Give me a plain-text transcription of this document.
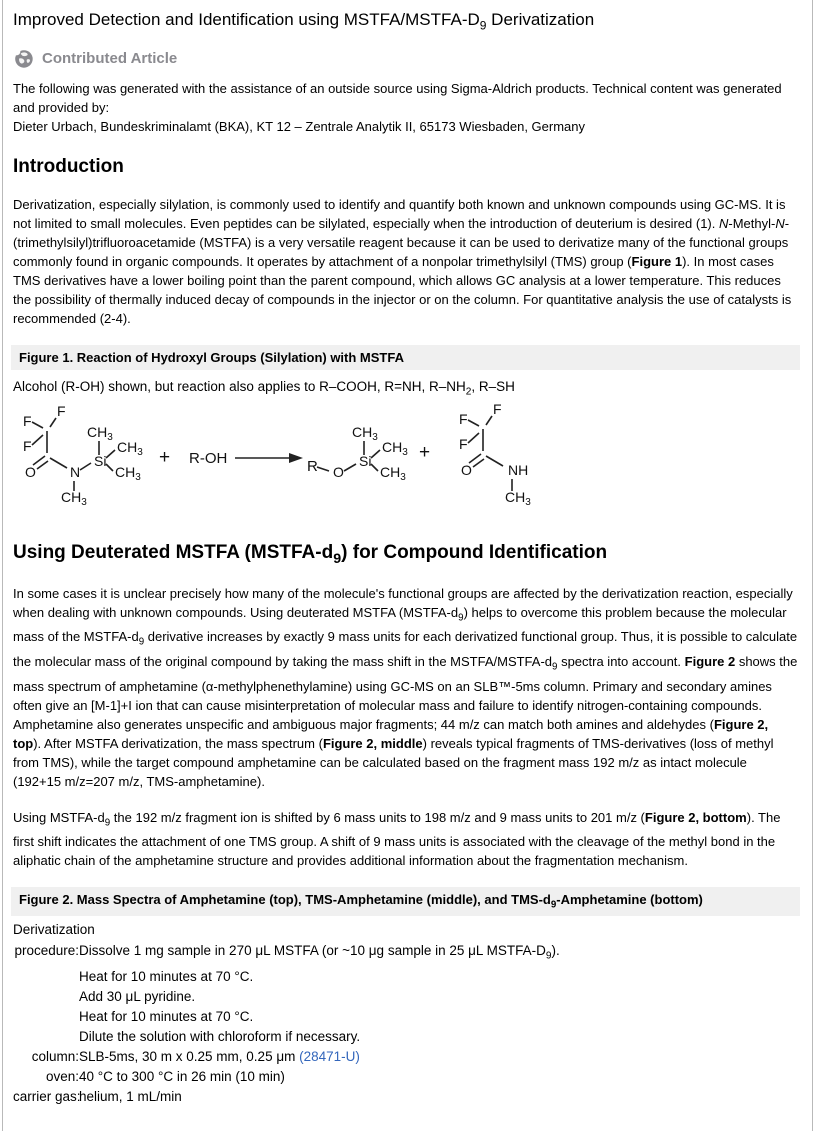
Improved Detection and Identification using MSTFA/$MSTFA-D_9$ Derivatization
Contributed Article

The following was generated with the assistance of an outside source using Sigma-Aldrich products. Technical content was generated and provided by:

Dieter Urbach, Bundeskriminalamt (BKA), KT 12 – Zentrale Analytik II, 65173 Wiesbaden, Germany

Introduction

Derivatization, especially silylation, is commonly used to identify and quantify both known and unknown compounds using GC-MS. It is not limited to small molecules. Even peptides can be silylated, especially when the introduction of deuterium is desired (1). N-Methyl-N-(trimethylsilyl)trifluoroacetamide (MSTFA) is a very versatile reagent because it can be used to derivatize many of the functional groups commonly found in organic compounds. It operates by attachment of a nonpolar trimethylsilyl (TMS) group (Figure 1). In most cases TMS derivatives have a lower boiling point than the parent compound, which allows GC analysis at a lower temperature. This reduces the possibility of thermally induced decay of compounds in the injector or on the column. For quantitative analysis the use of catalysts is recommended (2-4).

Figure 1. Reaction of Hydroxyl Groups (Silylation) with MSTFA
Alcohol (R-OH) shown, but reaction also applies to R–COOH, R=NH, $R-NH_2$, R–SH
F
F
F
O N
$CH_3$
Si
$CH_3$
$CH_3$
$CH_3$
+ R-OH	R O
Si
$CH_3$
$CH_3$
$CH_3$
+
F
F
F
O	NH
$CH_3$
Using Deuterated MSTFA $(MSTFA-d_9)$ for Compound Identification

In some cases it is unclear precisely how many of the molecule's functional groups are affected by the derivatization reaction, especially when dealing with unknown compounds. Using deuterated MSTFA $(MSTFA-d_9)$ helps to overcome this problem because the molecular mass of the MSTFA-$d_9$ derivative increases by exactly 9 mass units for each derivatized functional group. Thus, it is possible to calculate the molecular mass of the original compound by taking the mass shift in the MSTFA/$MSTFA-d_9$ spectra into account. Figure 2 shows the mass spectrum of amphetamine (α-methylphenethylamine) using GC-MS on an SLB™-5ms column. Primary and secondary amines often give an [M-1]+I ion that can cause misinterpretation of molecular mass and failure to identify nitrogen-containing compounds. Amphetamine also generates unspecific and ambiguous major fragments; 44 m/z can match both amines and aldehydes (Figure 2, top). After MSTFA derivatization, the mass spectrum (Figure 2, middle) reveals typical fragments of TMS-derivatives (loss of methyl from TMS), while the target compound amphetamine can be calculated based on the fragment mass 192 m/z as intact molecule (192+15 m/z=207 m/z, TMS-amphetamine).

Using MSTFA-$d_9$ the 192 m/z fragment ion is shifted by 6 mass units to 198 m/z and 9 mass units to 201 m/z (Figure 2, bottom). The first shift indicates the attachment of one TMS group. A shift of 9 mass units is associated with the cleavage of the methyl bond in the aliphatic chain of the amphetamine structure and provides additional information about the fragmentation mechanism.

Figure 2. Mass Spectra of Amphetamine (top), TMS-Amphetamine (middle), and TMS-$d_9$-Amphetamine (bottom)
Derivatization
procedure: Dissolve 1 mg sample in 270 μL MSTFA (or ~10 μg sample in 25 μL MSTFA-$D_9$).
Heat for 10 minutes at 70 °C.
Add 30 μL pyridine.
Heat for 10 minutes at 70 °C.
Dilute the solution with chloroform if necessary.
column: SLB-5ms, 30 m x 0.25 mm, 0.25 μm (28471-U)
oven: 40 °C to 300 °C in 26 min (10 min)
carrier gas:
helium, 1 mL/min
